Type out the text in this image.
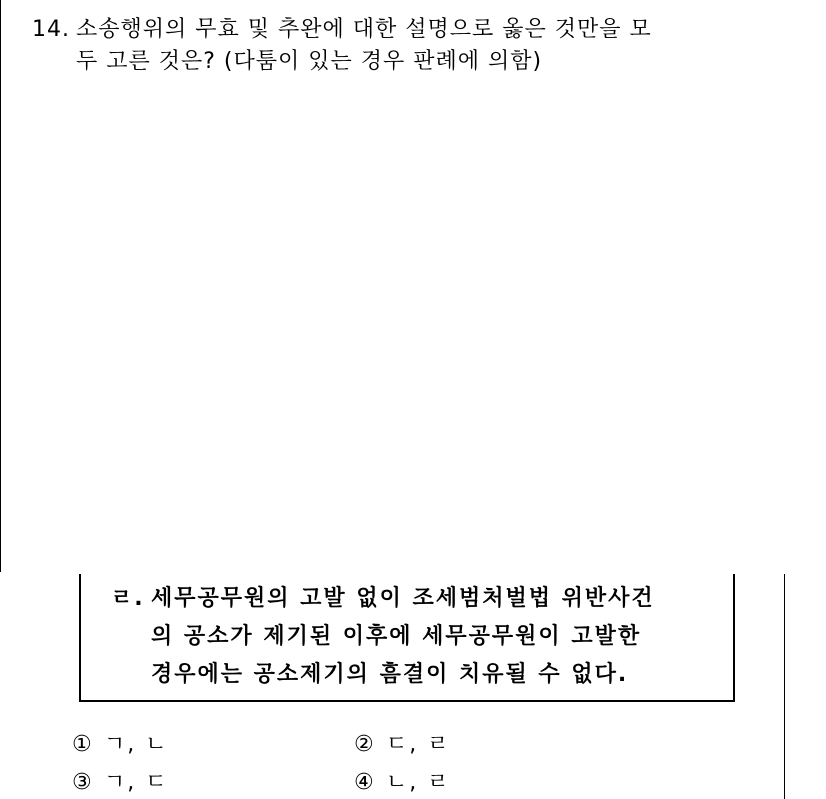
14. 소송행위의 무효 및 추완에 대한 설명으로 옳은 것만을 모
두 고른 것은? (다툼이 있는 경우 판례에 의함)
ㄹ. 세무공무원의 고발 없이 조세범처벌법 위반사건
의 공소가 제기된 이후에 세무공무원이 고발한
경우에는 공소제기의 흠결이 치유될 수 없다.
① ㄱ, ㄴ	② ㄷ, ㄹ
③ ㄱ, ㄷ	④ ㄴ, ㄹ
